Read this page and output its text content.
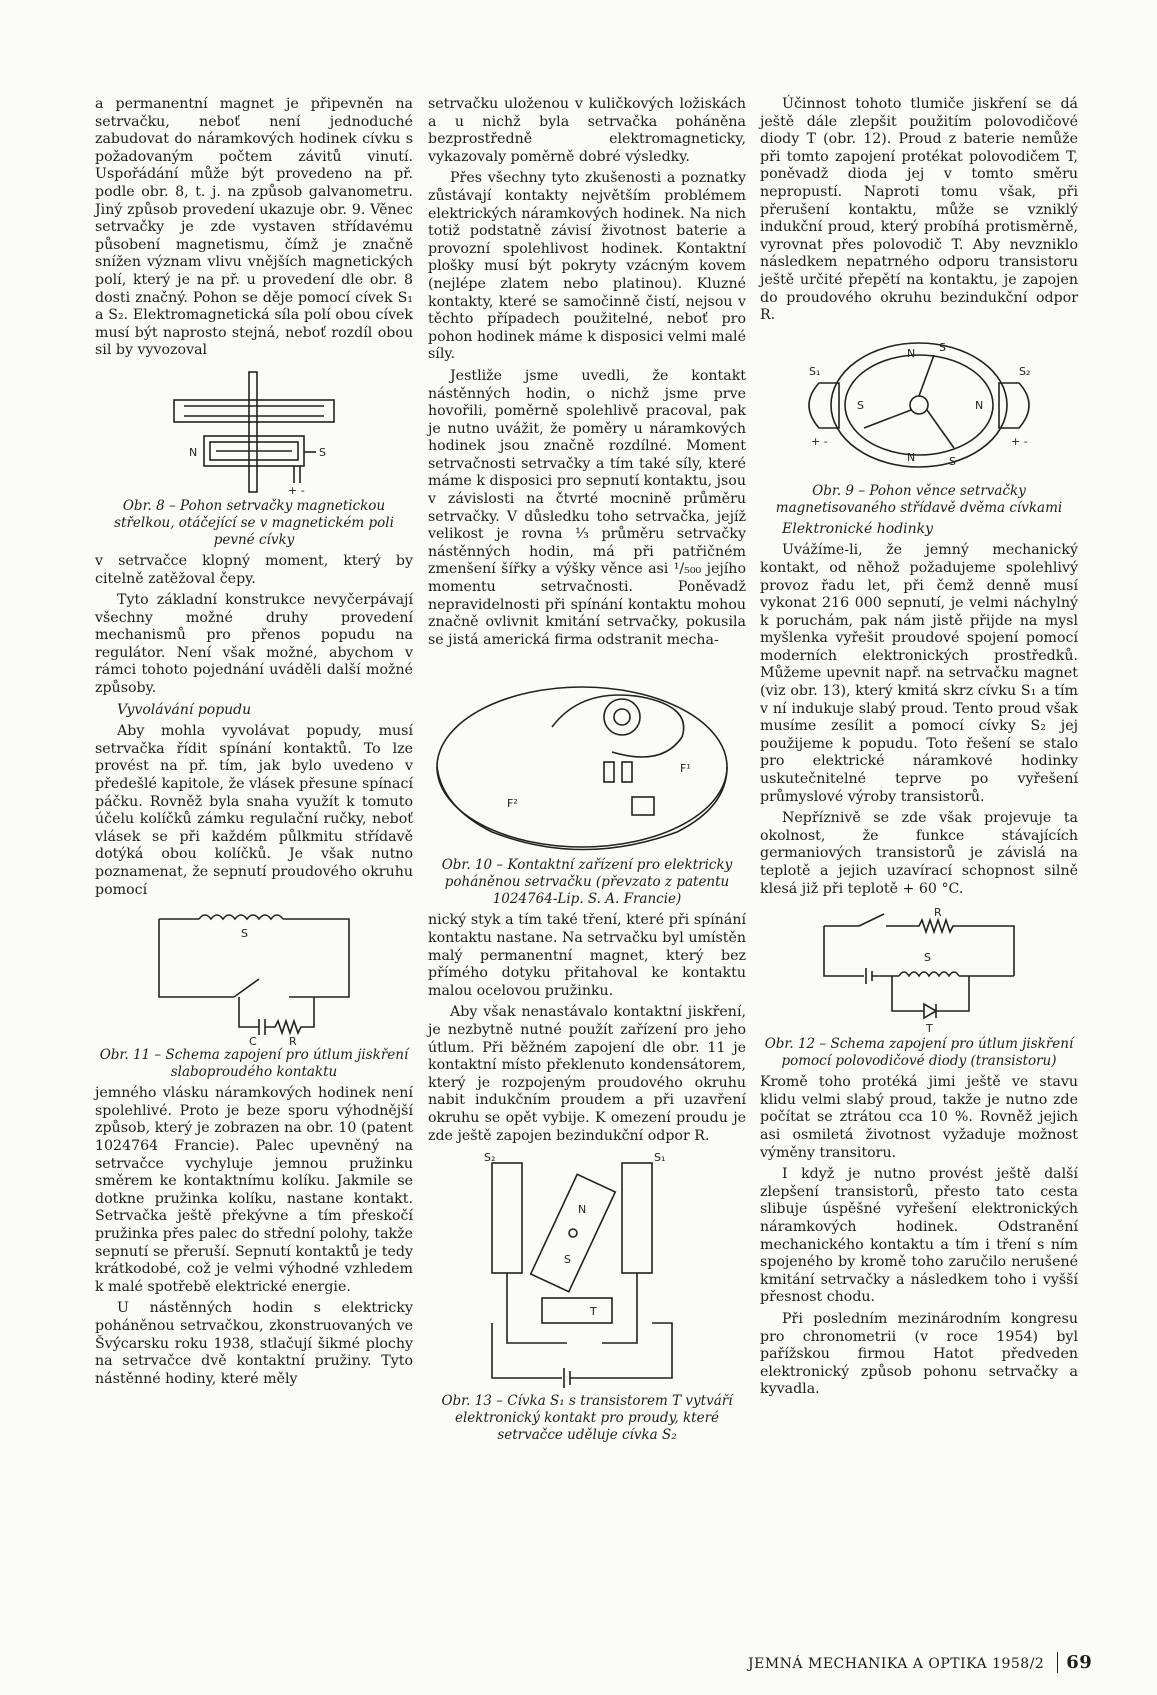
a permanentní magnet je připevněn na setrvačku, neboť není jednoduché zabudovat do náramkových hodinek cívku s požadovaným počtem závitů vinutí. Uspořádání může být provedeno na př. podle obr. 8, t. j. na způsob galvanometru. Jiný způsob provedení ukazuje obr. 9. Věnec setrvačky je zde vystaven střídavému působení magnetismu, čímž je značně snížen význam vlivu vnějších magnetických polí, který je na př. u provedení dle obr. 8 dosti značný. Pohon se děje pomocí cívek S₁ a S₂. Elektromagnetická síla polí obou cívek musí být naprosto stejná, neboť rozdíl obou sil by vyvozoval

N	S
+ -

Obr. 8 – Pohon setrvačky magnetickou střelkou, otáčející se v magnetickém poli pevné cívky

v setrvačce klopný moment, který by citelně zatěžoval čepy.

Tyto základní konstrukce nevyčerpávají všechny možné druhy provedení mechanismů pro přenos popudu na regulátor. Není však možné, abychom v rámci tohoto pojednání uváděli další možné způsoby.

Vyvolávání popudu

Aby mohla vyvolávat popudy, musí setrvačka řídit spínání kontaktů. To lze provést na př. tím, jak bylo uvedeno v předešlé kapitole, že vlásek přesune spínací páčku. Rovněž byla snaha využít k tomuto účelu kolíčků zámku regulační ručky, neboť vlásek se při každém půlkmitu střídavě dotýká obou kolíčků. Je však nutno poznamenat, že sepnutí proudového okruhu pomocí

S
C	R

Obr. 11 – Schema zapojení pro útlum jiskření slaboproudého kontaktu

jemného vlásku náramkových hodinek není spolehlivé. Proto je beze sporu výhodnější způsob, který je zobrazen na obr. 10 (patent 1024764 Francie). Palec upevněný na setrvačce vychyluje jemnou pružinku směrem ke kontaktnímu kolíku. Jakmile se dotkne pružinka kolíku, nastane kontakt. Setrvačka ještě překývne a tím přeskočí pružinka přes palec do střední polohy, takže sepnutí se přeruší. Sepnutí kontaktů je tedy krátkodobé, což je velmi výhodné vzhledem k malé spotřebě elektrické energie.

U nástěnných hodin s elektricky poháněnou setrvačkou, zkonstruovaných ve Švýcarsku roku 1938, stlačují šikmé plochy na setrvačce dvě kontaktní pružiny. Tyto nástěnné hodiny, které měly

setrvačku uloženou v kuličkových ložiskách a u nichž byla setrvačka poháněna bezprostředně elektromagneticky, vykazovaly poměrně dobré výsledky.

Přes všechny tyto zkušenosti a poznatky zůstávají kontakty největším problémem elektrických náramkových hodinek. Na nich totiž podstatně závisí životnost baterie a provozní spolehlivost hodinek. Kontaktní plošky musí být pokryty vzácným kovem (nejlépe zlatem nebo platinou). Kluzné kontakty, které se samočinně čistí, nejsou v těchto případech použitelné, neboť pro pohon hodinek máme k disposici velmi malé síly.

Jestliže jsme uvedli, že kontakt nástěnných hodin, o nichž jsme prve hovořili, poměrně spolehlivě pracoval, pak je nutno uvážit, že poměry u náramkových hodinek jsou značně rozdílné. Moment setrvačnosti setrvačky a tím také síly, které máme k disposici pro sepnutí kontaktu, jsou v závislosti na čtvrté mocnině průměru setrvačky. V důsledku toho setrvačka, jejíž velikost je rovna ⅓ průměru setrvačky nástěnných hodin, má při patřičném zmenšení šířky a výšky věnce asi ¹/₅₀₀ jejího momentu setrvačnosti. Poněvadž nepravidelnosti při spínání kontaktu mohou značně ovlivnit kmitání setrvačky, pokusila se jistá americká firma odstranit mecha-

F²
F¹

Obr. 10 – Kontaktní zařízení pro elektricky poháněnou setrvačku (převzato z patentu 1024764-Lip. S. A. Francie)

nický styk a tím také tření, které při spínání kontaktu nastane. Na setrvačku byl umístěn malý permanentní magnet, který bez přímého dotyku přitahoval ke kontaktu malou ocelovou pružinku.

Aby však nenastávalo kontaktní jiskření, je nezbytně nutné použít zařízení pro jeho útlum. Při běžném zapojení dle obr. 11 je kontaktní místo překlenuto kondensátorem, který je rozpojeným proudového okruhu nabit indukčním proudem a při uzavření okruhu se opět vybije. K omezení proudu je zde ještě zapojen bezindukční odpor R.

S₂	S₁
N
S
T

Obr. 13 – Cívka S₁ s transistorem T vytváří elektronický kontakt pro proudy, které setrvačce uděluje cívka S₂

Účinnost tohoto tlumiče jiskření se dá ještě dále zlepšit použitím polovodičové diody T (obr. 12). Proud z baterie nemůže při tomto zapojení protékat polovodičem T, poněvadž dioda jej v tomto směru nepropustí. Naproti tomu však, při přerušení kontaktu, může se vzniklý indukční proud, který probíhá protisměrně, vyrovnat přes polovodič T. Aby nevzniklo následkem nepatrného odporu transistoru ještě určité přepětí na kontaktu, je zapojen do proudového okruhu bezindukční odpor R.

S₁	S₂
N S
S	N
N	S
+ -	+ -

Obr. 9 – Pohon věnce setrvačky magnetisovaného střídavě dvěma cívkami

Elektronické hodinky

Uvážíme-li, že jemný mechanický kontakt, od něhož požadujeme spolehlivý provoz řadu let, při čemž denně musí vykonat 216 000 sepnutí, je velmi náchylný k poruchám, pak nám jistě přijde na mysl myšlenka vyřešit proudové spojení pomocí moderních elektronických prostředků. Můžeme upevnit např. na setrvačku magnet (viz obr. 13), který kmitá skrz cívku S₁ a tím v ní indukuje slabý proud. Tento proud však musíme zesílit a pomocí cívky S₂ jej použijeme k popudu. Toto řešení se stalo pro elektrické náramkové hodinky uskutečnitelné teprve po vyřešení průmyslové výroby transistorů.

Nepříznivě se zde však projevuje ta okolnost, že funkce stávajících germaniových transistorů je závislá na teplotě a jejich uzavírací schopnost silně klesá již při teplotě + 60 °C.

R
S
T

Obr. 12 – Schema zapojení pro útlum jiskření pomocí polovodičové diody (transistoru)

Kromě toho protéká jimi ještě ve stavu klidu velmi slabý proud, takže je nutno zde počítat se ztrátou cca 10 %. Rovněž jejich asi osmiletá životnost vyžaduje možnost výměny transitoru.

I když je nutno provést ještě další zlepšení transistorů, přesto tato cesta slibuje úspěšné vyřešení elektronických náramkových hodinek. Odstranění mechanického kontaktu a tím i tření s ním spojeného by kromě toho zaručilo nerušené kmitání setrvačky a následkem toho i vyšší přesnost chodu.

Při posledním mezinárodním kongresu pro chronometrii (v roce 1954) byl pařížskou firmou Hatot předveden elektronický způsob pohonu setrvačky a kyvadla.

JEMNÁ MECHANIKA A OPTIKA 1958/2 69
